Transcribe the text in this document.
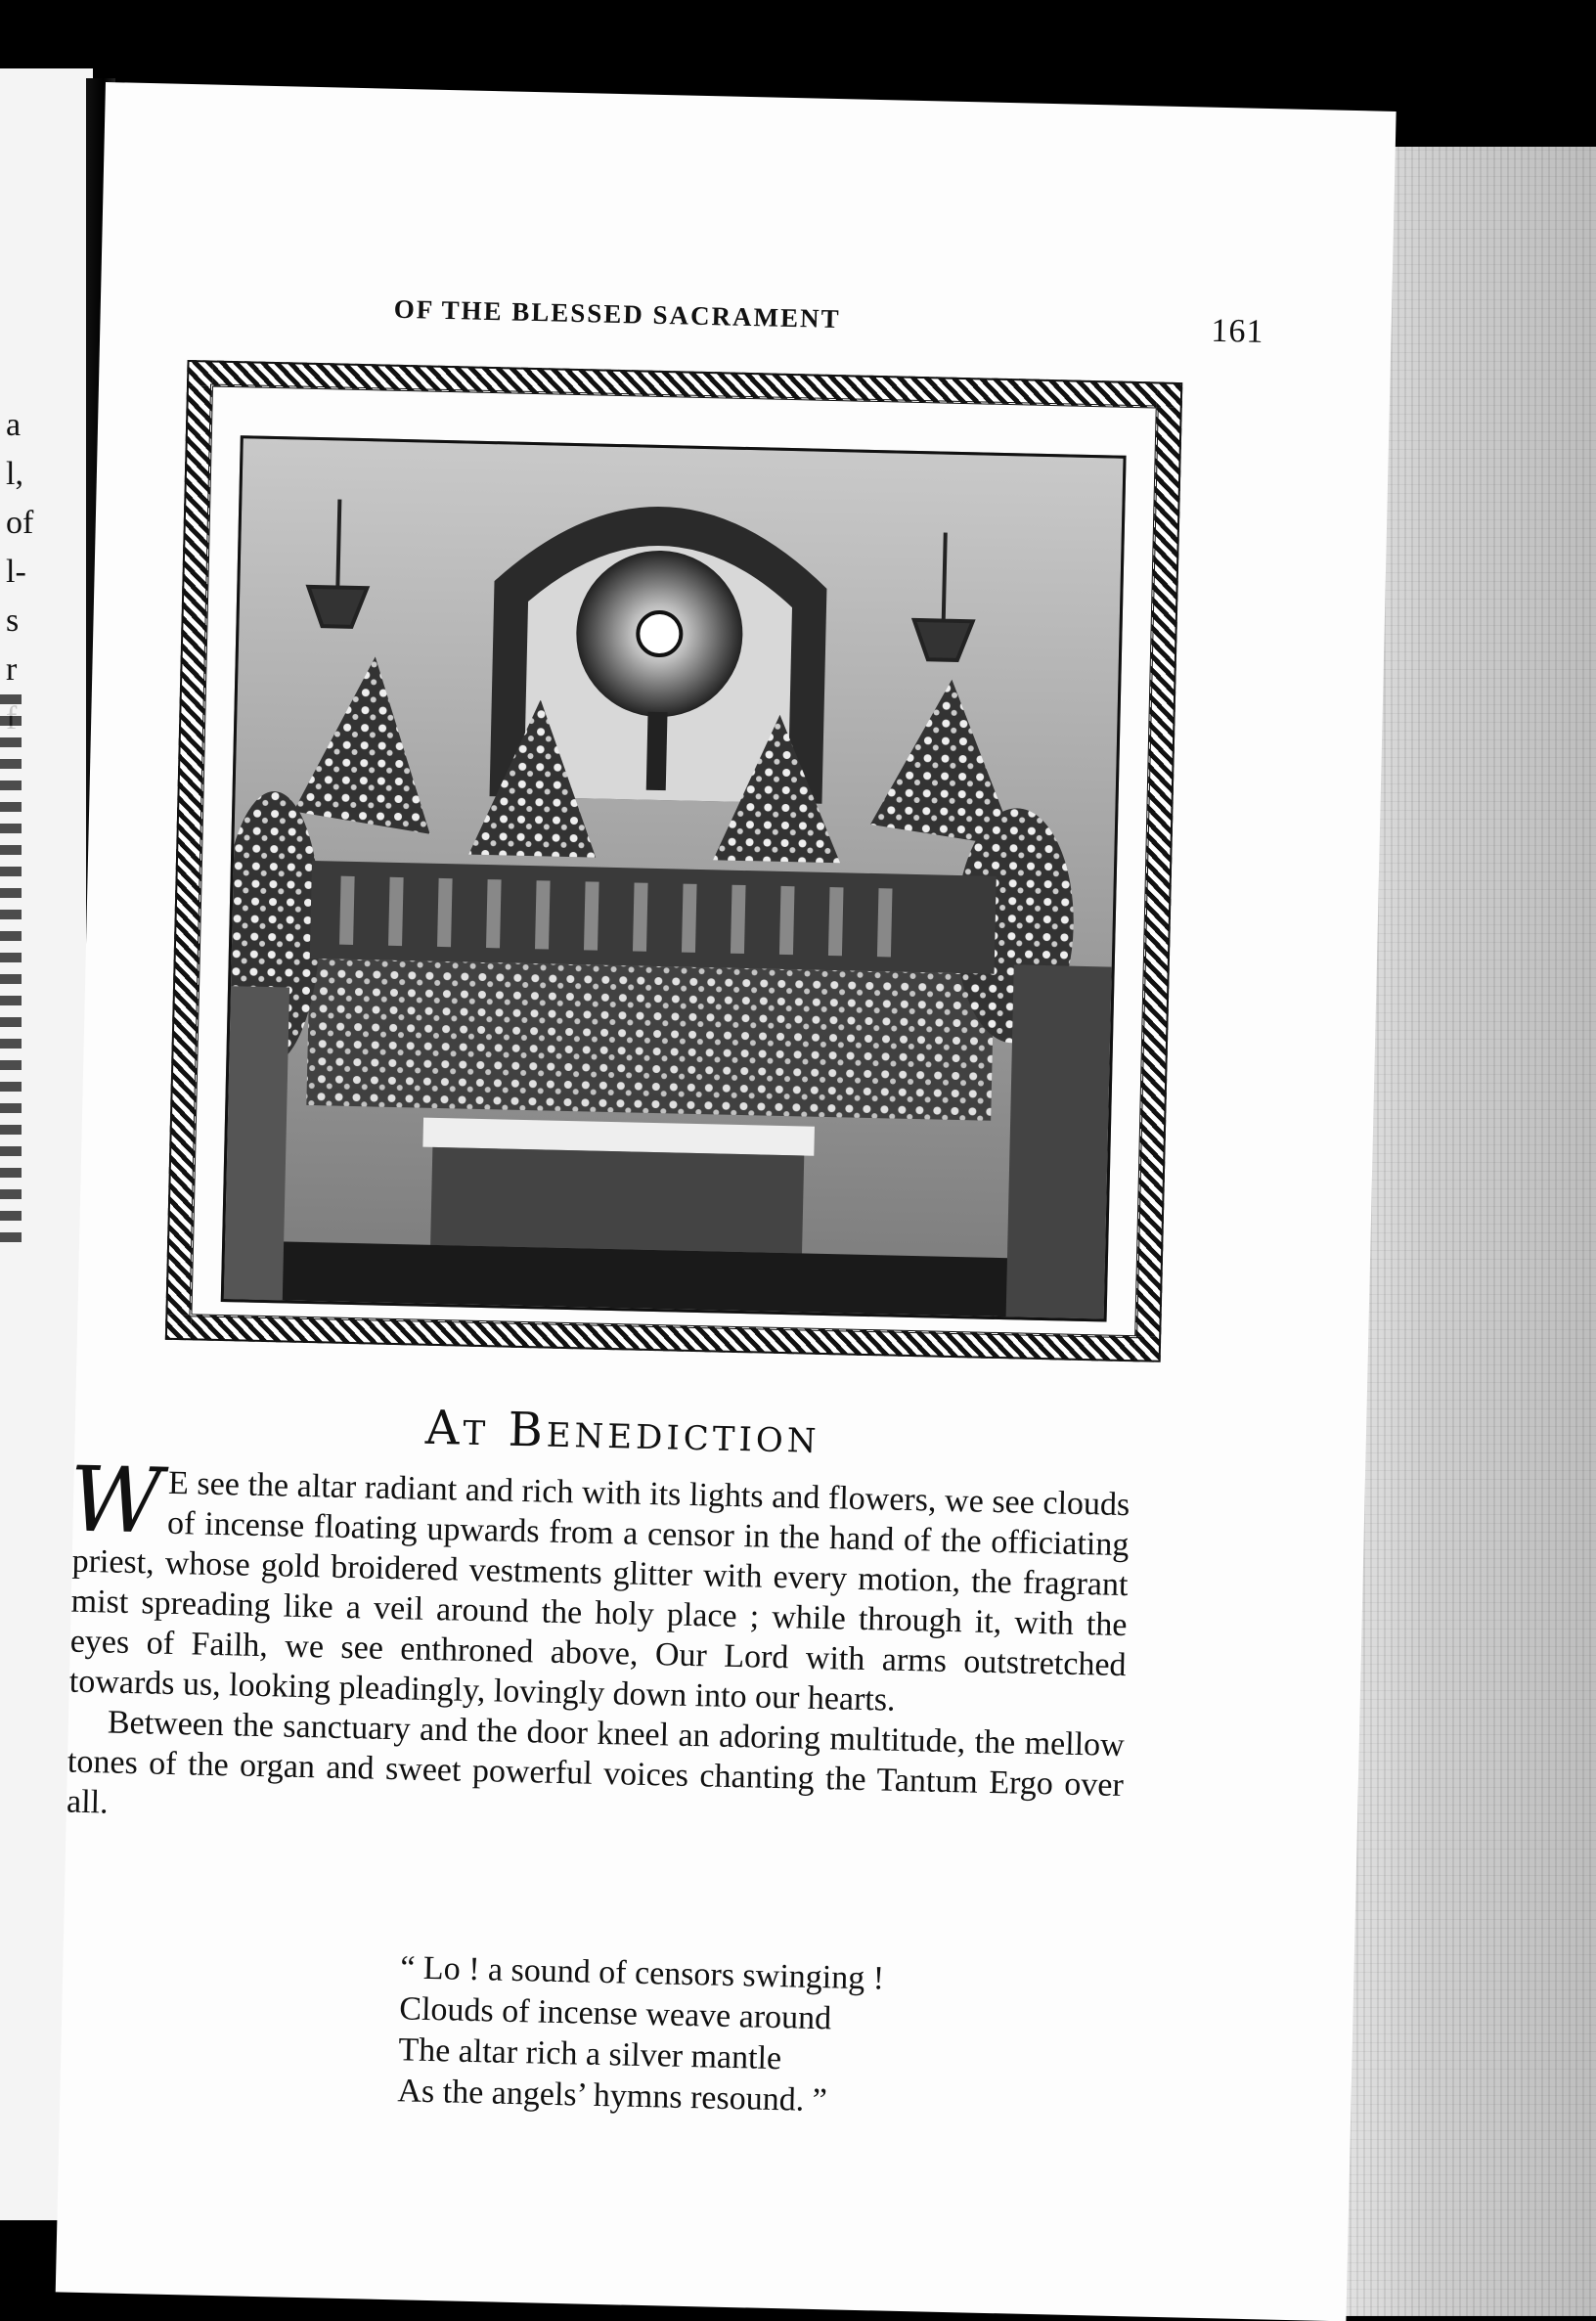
a
l,
of
l-
s
r
OF THE BLESSED SACRAMENT	161
At Benediction

W E see the altar radiant and rich with its lights and flowers, we see clouds of incense floating upwards from a censor in the hand of the officiating priest, whose gold broidered vestments glitter with every motion, the fragrant mist spreading like a veil around the holy place ; while through it, with the eyes of Failh, we see enthroned above, Our Lord with arms outstretched towards us, looking pleadingly, lovingly down into our hearts.

Between the sanctuary and the door kneel an adoring multitude, the mellow tones of the organ and sweet powerful voices chanting the Tantum Ergo over all.

“ Lo ! a sound of censors swinging !
Clouds of incense weave around
The altar rich a silver mantle
As the angels’ hymns resound. ”
